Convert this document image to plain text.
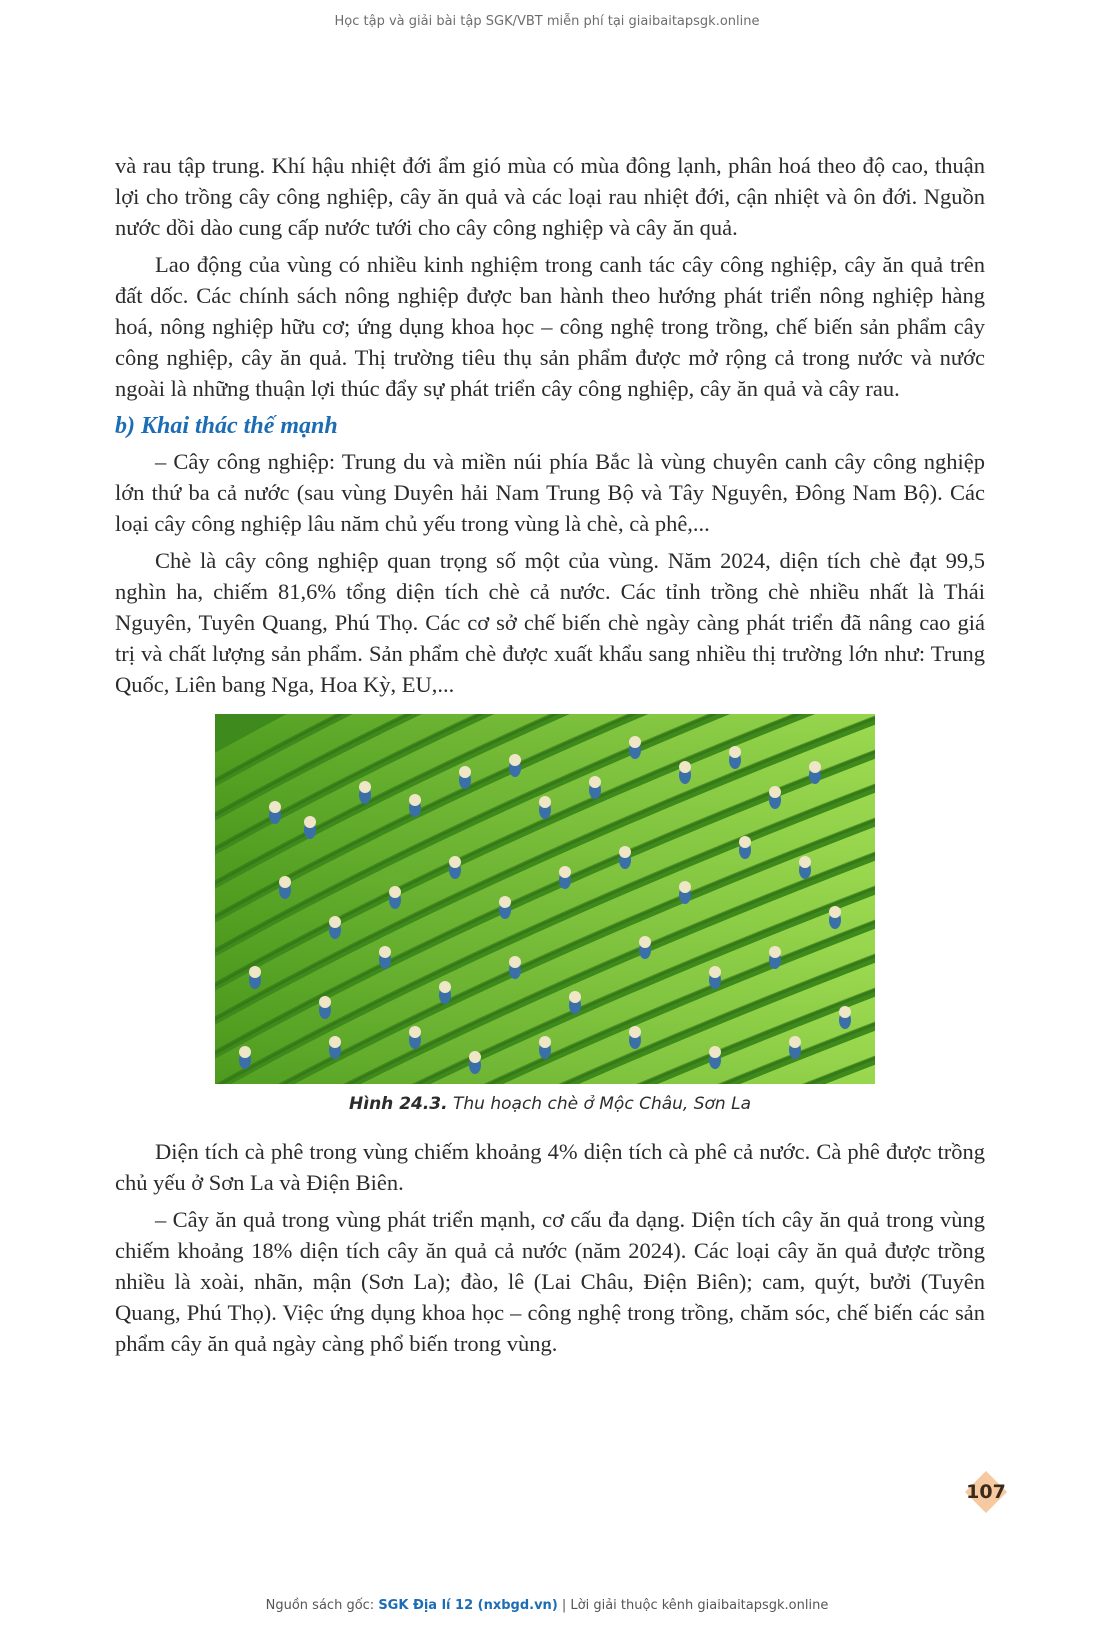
Học tập và giải bài tập SGK/VBT miễn phí tại giaibaitapsgk.online

và rau tập trung. Khí hậu nhiệt đới ẩm gió mùa có mùa đông lạnh, phân hoá theo độ cao, thuận lợi cho trồng cây công nghiệp, cây ăn quả và các loại rau nhiệt đới, cận nhiệt và ôn đới. Nguồn nước dồi dào cung cấp nước tưới cho cây công nghiệp và cây ăn quả.

Lao động của vùng có nhiều kinh nghiệm trong canh tác cây công nghiệp, cây ăn quả trên đất dốc. Các chính sách nông nghiệp được ban hành theo hướng phát triển nông nghiệp hàng hoá, nông nghiệp hữu cơ; ứng dụng khoa học – công nghệ trong trồng, chế biến sản phẩm cây công nghiệp, cây ăn quả. Thị trường tiêu thụ sản phẩm được mở rộng cả trong nước và nước ngoài là những thuận lợi thúc đẩy sự phát triển cây công nghiệp, cây ăn quả và cây rau.

b) Khai thác thế mạnh

– Cây công nghiệp: Trung du và miền núi phía Bắc là vùng chuyên canh cây công nghiệp lớn thứ ba cả nước (sau vùng Duyên hải Nam Trung Bộ và Tây Nguyên, Đông Nam Bộ). Các loại cây công nghiệp lâu năm chủ yếu trong vùng là chè, cà phê,...

Chè là cây công nghiệp quan trọng số một của vùng. Năm 2024, diện tích chè đạt 99,5 nghìn ha, chiếm 81,6% tổng diện tích chè cả nước. Các tỉnh trồng chè nhiều nhất là Thái Nguyên, Tuyên Quang, Phú Thọ. Các cơ sở chế biến chè ngày càng phát triển đã nâng cao giá trị và chất lượng sản phẩm. Sản phẩm chè được xuất khẩu sang nhiều thị trường lớn như: Trung Quốc, Liên bang Nga, Hoa Kỳ, EU,...

Hình 24.3. Thu hoạch chè ở Mộc Châu, Sơn La

Diện tích cà phê trong vùng chiếm khoảng 4% diện tích cà phê cả nước. Cà phê được trồng chủ yếu ở Sơn La và Điện Biên.

– Cây ăn quả trong vùng phát triển mạnh, cơ cấu đa dạng. Diện tích cây ăn quả trong vùng chiếm khoảng 18% diện tích cây ăn quả cả nước (năm 2024). Các loại cây ăn quả được trồng nhiều là xoài, nhãn, mận (Sơn La); đào, lê (Lai Châu, Điện Biên); cam, quýt, bưởi (Tuyên Quang, Phú Thọ). Việc ứng dụng khoa học – công nghệ trong trồng, chăm sóc, chế biến các sản phẩm cây ăn quả ngày càng phổ biến trong vùng.

107
Nguồn sách gốc: SGK Địa lí 12 (nxbgd.vn) | Lời giải thuộc kênh giaibaitapsgk.online
